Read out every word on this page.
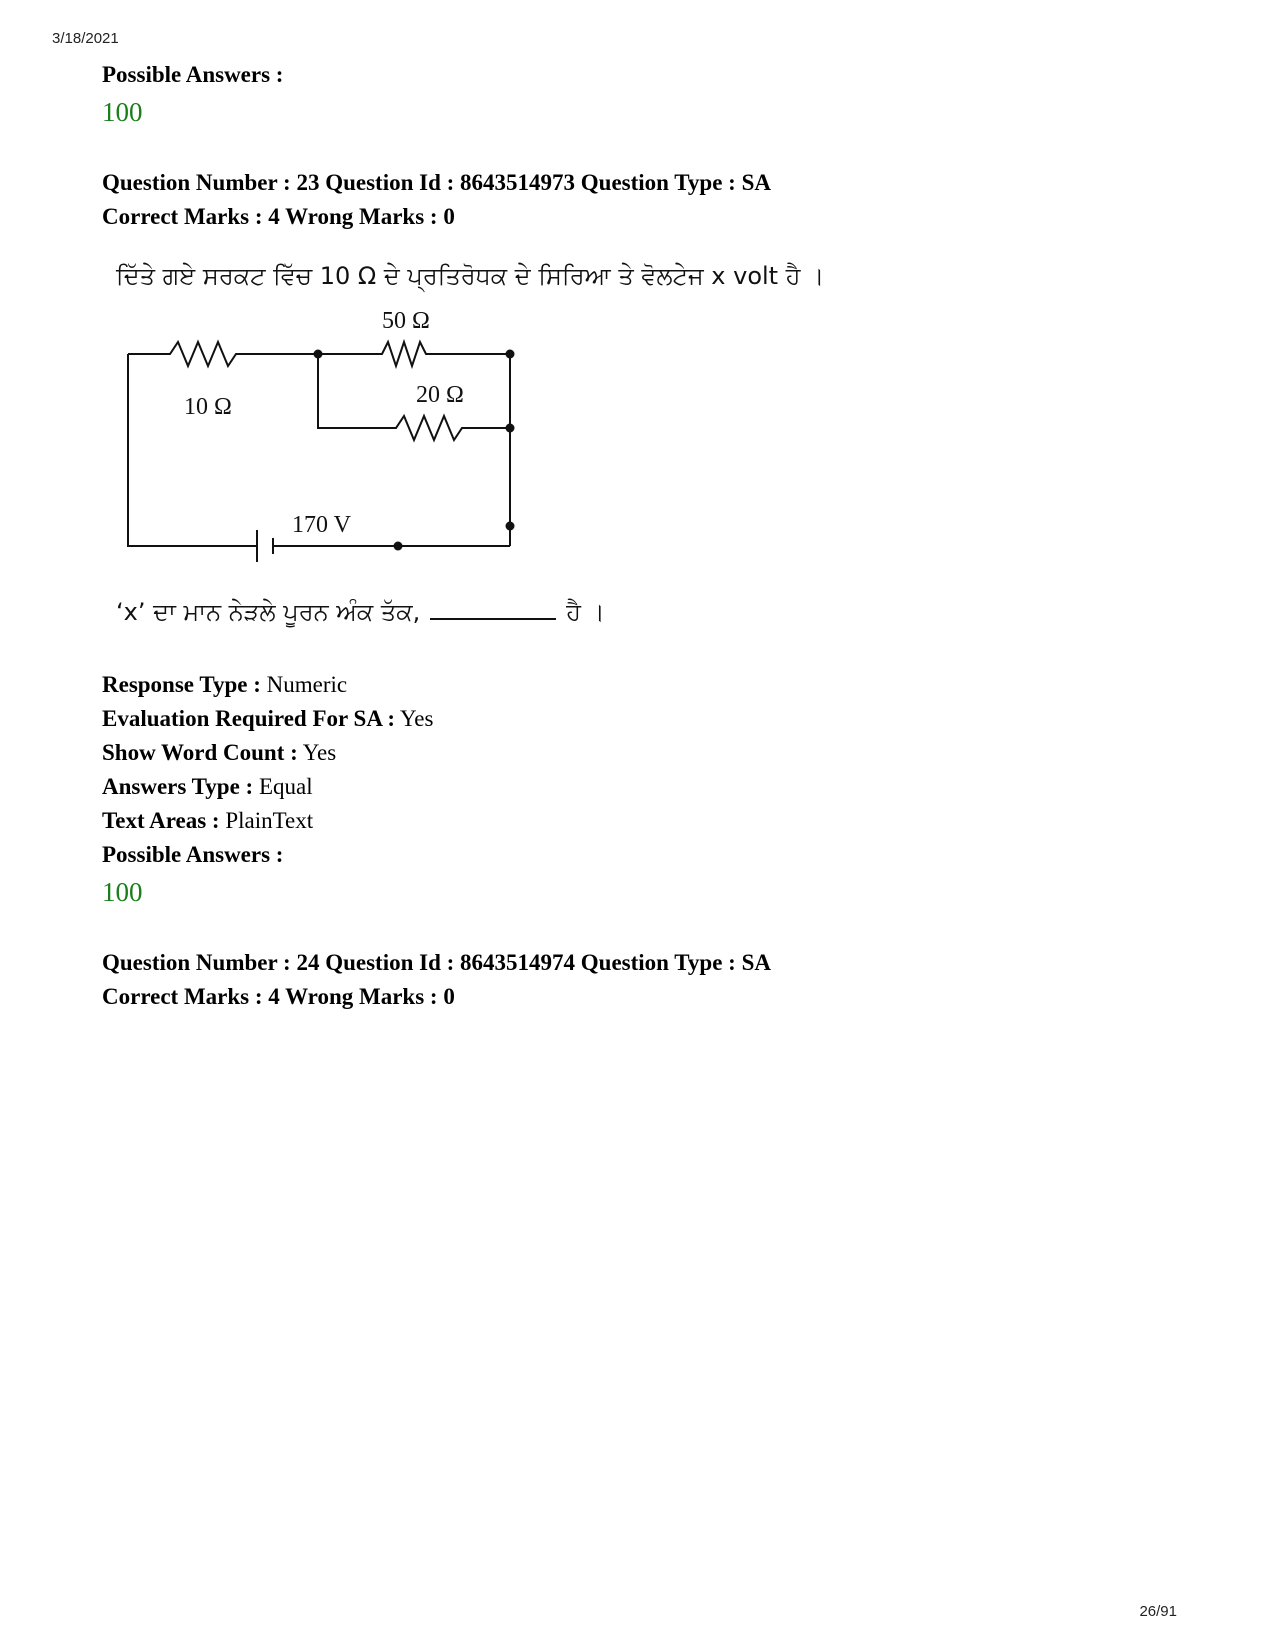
3/18/2021
Possible Answers :
100
Question Number : 23 Question Id : 8643514973 Question Type : SA
Correct Marks : 4 Wrong Marks : 0
ਦਿੱਤੇ ਗਏ ਸਰਕਟ ਵਿੱਚ 10 Ω ਦੇ ਪ੍ਰਤਿਰੋਧਕ ਦੇ ਸਿਰਿਆ ਤੇ ਵੋਲਟੇਜ x volt ਹੈ ।
10 Ω
50 Ω
20 Ω
170 V
‘x’ ਦਾ ਮਾਨ ਨੇੜਲੇ ਪੂਰਨ ਅੰਕ ਤੱਕ,	ਹੈ ।
Response Type : Numeric
Evaluation Required For SA : Yes
Show Word Count : Yes
Answers Type : Equal
Text Areas : PlainText
Possible Answers :
100
Question Number : 24 Question Id : 8643514974 Question Type : SA
Correct Marks : 4 Wrong Marks : 0
26/91
